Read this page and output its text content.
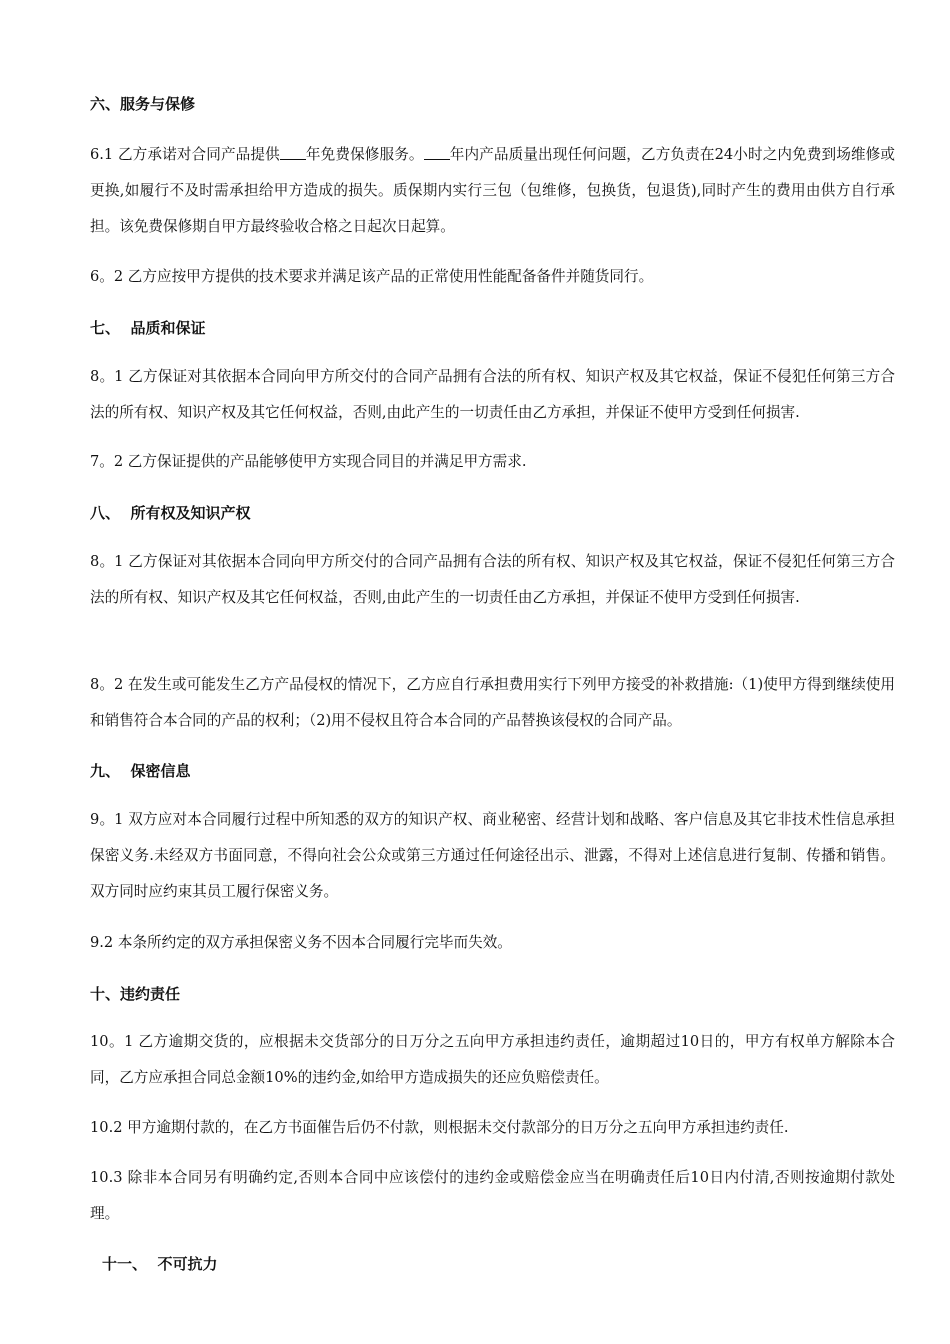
六、服务与保修
6.1 乙方承诺对合同产品提供 年免费保修服务。 年内产品质量出现任何问题，乙方负责在24小时之内免费到场维修或更换,如履行不及时需承担给甲方造成的损失。质保期内实行三包（包维修，包换货，包退货),同时产生的费用由供方自行承担。该免费保修期自甲方最终验收合格之日起次日起算。
6。2 乙方应按甲方提供的技术要求并满足该产品的正常使用性能配备备件并随货同行。
七、  品质和保证
8。1 乙方保证对其依据本合同向甲方所交付的合同产品拥有合法的所有权、知识产权及其它权益，保证不侵犯任何第三方合法的所有权、知识产权及其它任何权益，否则,由此产生的一切责任由乙方承担，并保证不使甲方受到任何损害.
7。2 乙方保证提供的产品能够使甲方实现合同目的并满足甲方需求.
八、  所有权及知识产权
8。1 乙方保证对其依据本合同向甲方所交付的合同产品拥有合法的所有权、知识产权及其它权益，保证不侵犯任何第三方合法的所有权、知识产权及其它任何权益，否则,由此产生的一切责任由乙方承担，并保证不使甲方受到任何损害.
8。2 在发生或可能发生乙方产品侵权的情况下，乙方应自行承担费用实行下列甲方接受的补救措施:（1)使甲方得到继续使用和销售符合本合同的产品的权利；（2)用不侵权且符合本合同的产品替换该侵权的合同产品。
九、  保密信息
9。1 双方应对本合同履行过程中所知悉的双方的知识产权、商业秘密、经营计划和战略、客户信息及其它非技术性信息承担保密义务.未经双方书面同意，不得向社会公众或第三方通过任何途径出示、泄露，不得对上述信息进行复制、传播和销售。双方同时应约束其员工履行保密义务。
9.2 本条所约定的双方承担保密义务不因本合同履行完毕而失效。
十、违约责任
10。1 乙方逾期交货的，应根据未交货部分的日万分之五向甲方承担违约责任，逾期超过10日的，甲方有权单方解除本合同，乙方应承担合同总金额10%的违约金,如给甲方造成损失的还应负赔偿责任。
10.2 甲方逾期付款的，在乙方书面催告后仍不付款，则根据未交付款部分的日万分之五向甲方承担违约责任.
10.3 除非本合同另有明确约定,否则本合同中应该偿付的违约金或赔偿金应当在明确责任后10日内付清,否则按逾期付款处理。
十一、  不可抗力
